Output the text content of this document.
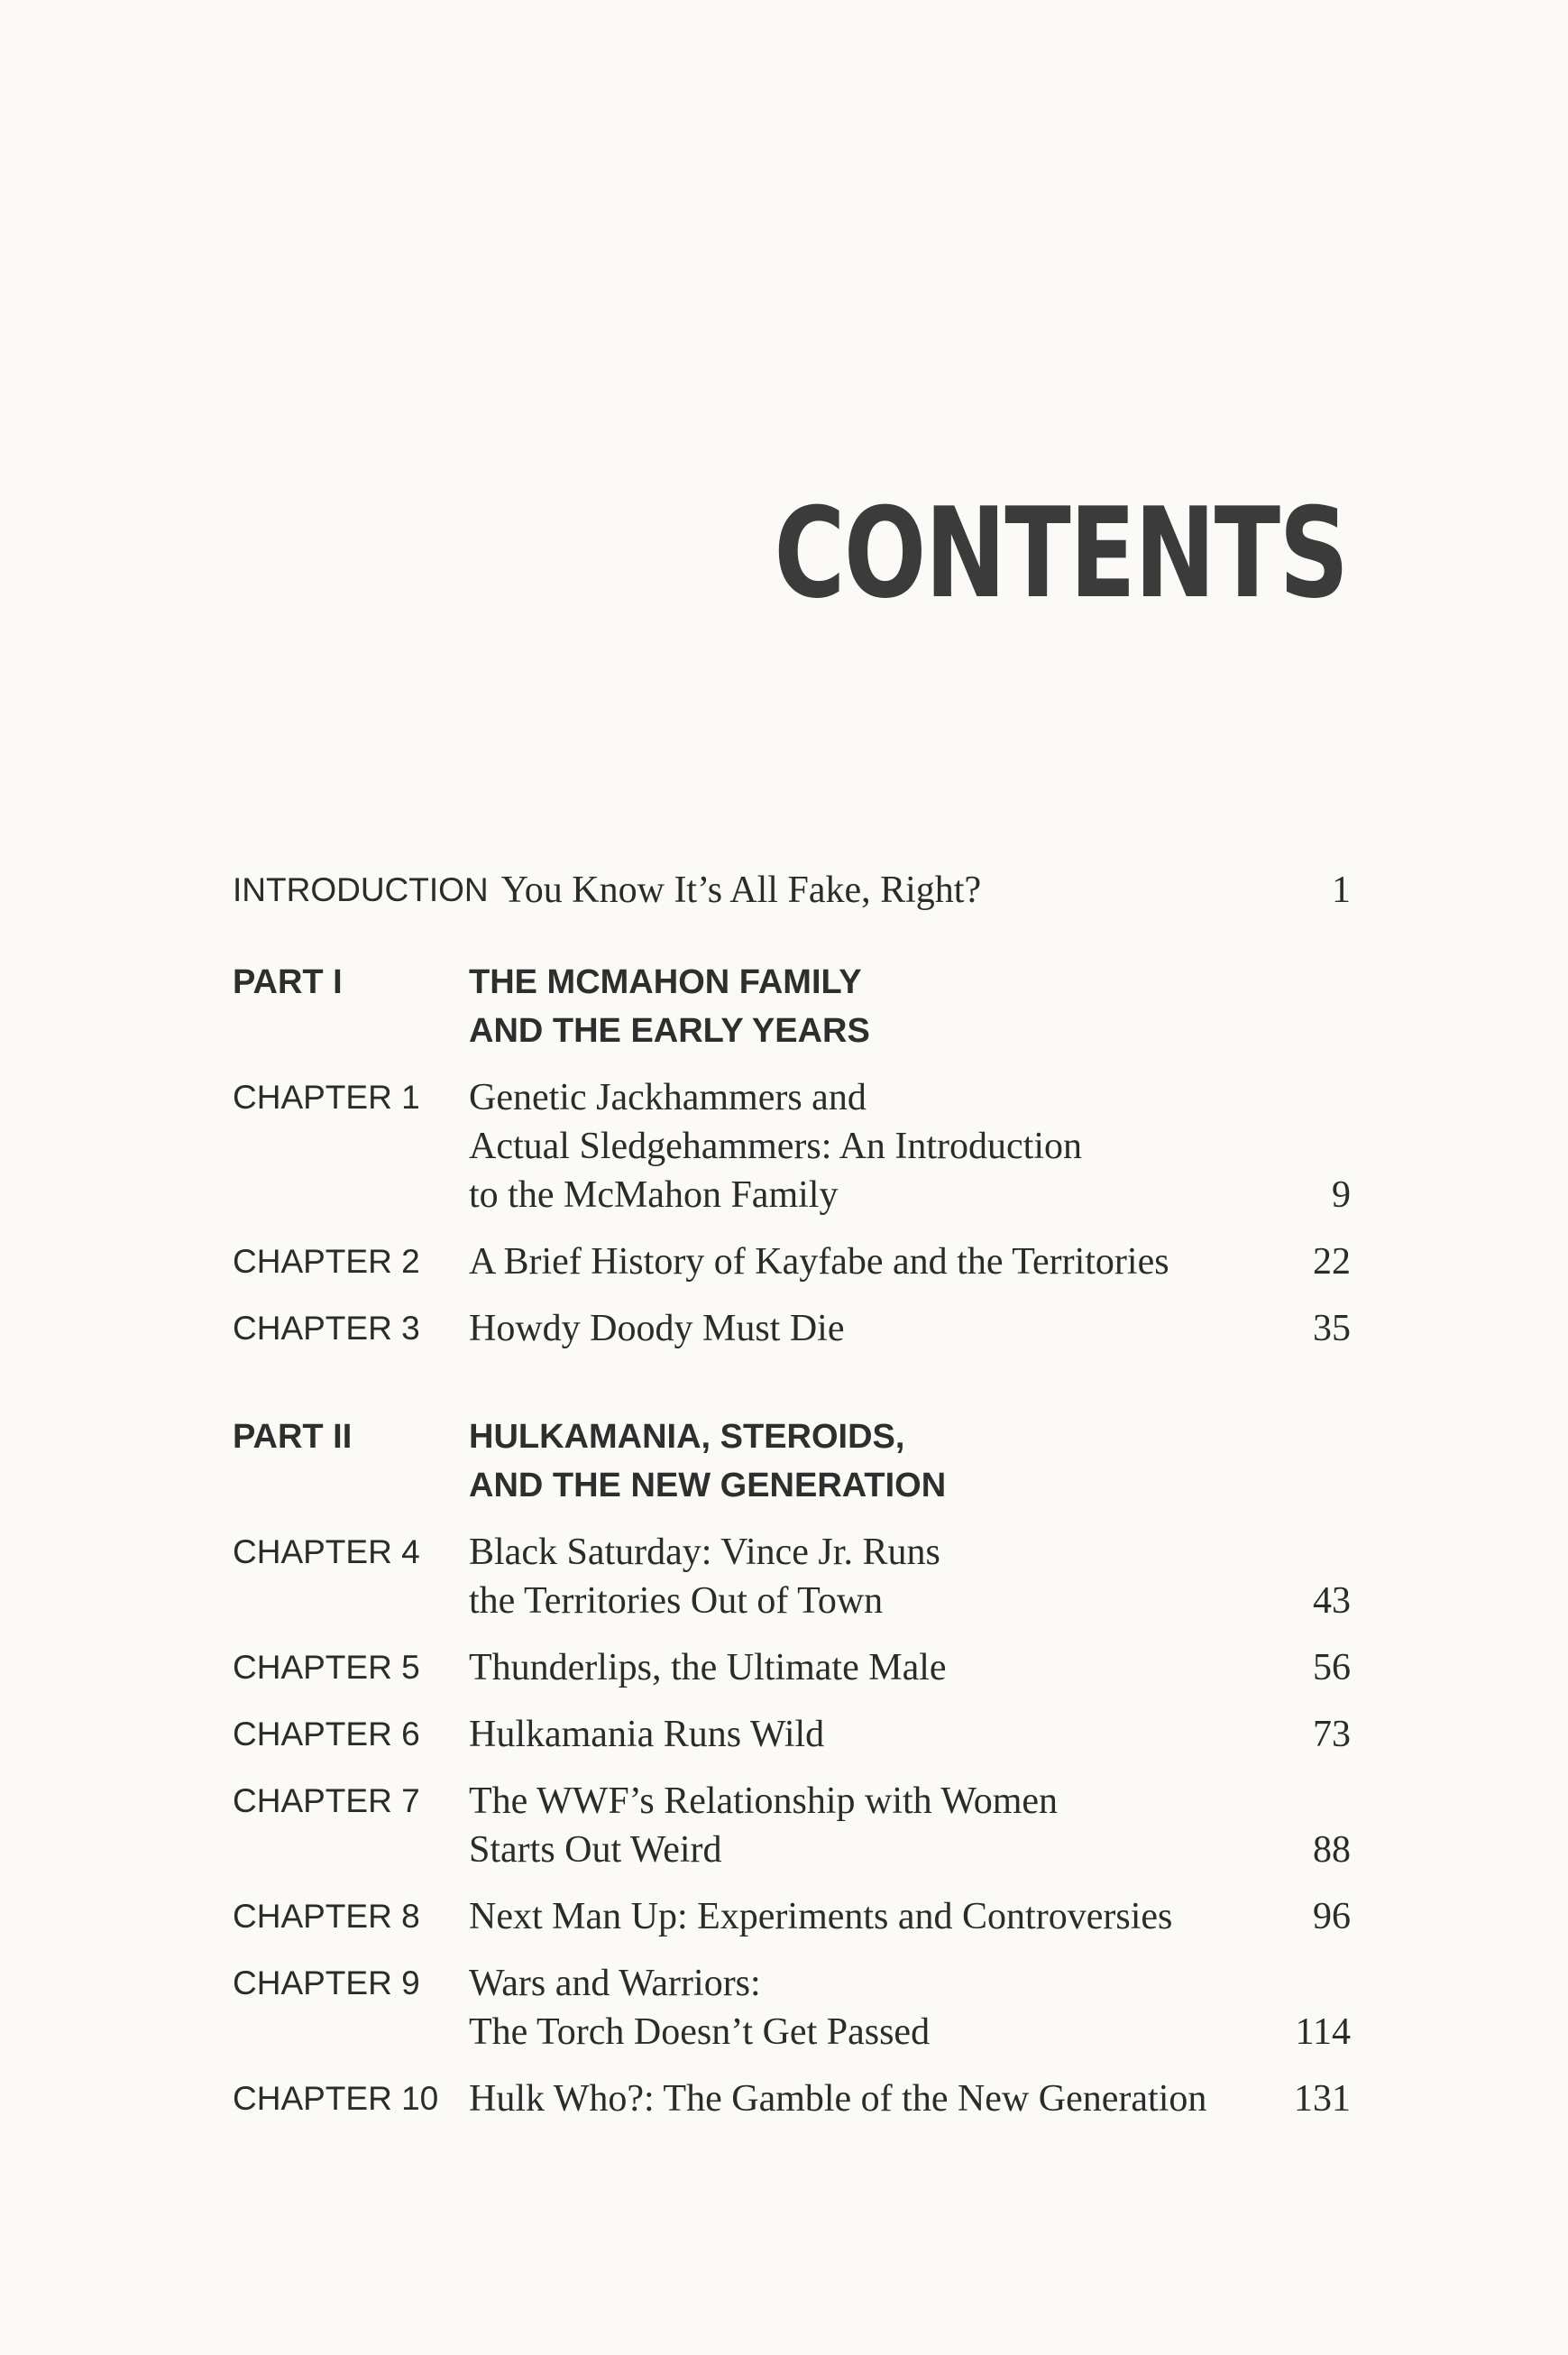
CONTENTS
INTRODUCTION You Know It’s All Fake, Right?	1
PART I	THE MCMAHON FAMILY
AND THE EARLY YEARS
CHAPTER 1	Genetic Jackhammers and
Actual Sledgehammers: An Introduction
to the McMahon Family	9
CHAPTER 2	A Brief History of Kayfabe and the Territories	22
CHAPTER 3	Howdy Doody Must Die	35
PART II	HULKAMANIA, STEROIDS,
AND THE NEW GENERATION
CHAPTER 4	Black Saturday: Vince Jr. Runs
the Territories Out of Town	43
CHAPTER 5	Thunderlips, the Ultimate Male	56
CHAPTER 6	Hulkamania Runs Wild	73
CHAPTER 7	The WWF’s Relationship with Women
Starts Out Weird	88
CHAPTER 8	Next Man Up: Experiments and Controversies	96
CHAPTER 9	Wars and Warriors:
The Torch Doesn’t Get Passed	114
CHAPTER 10 Hulk Who?: The Gamble of the New Generation	131
